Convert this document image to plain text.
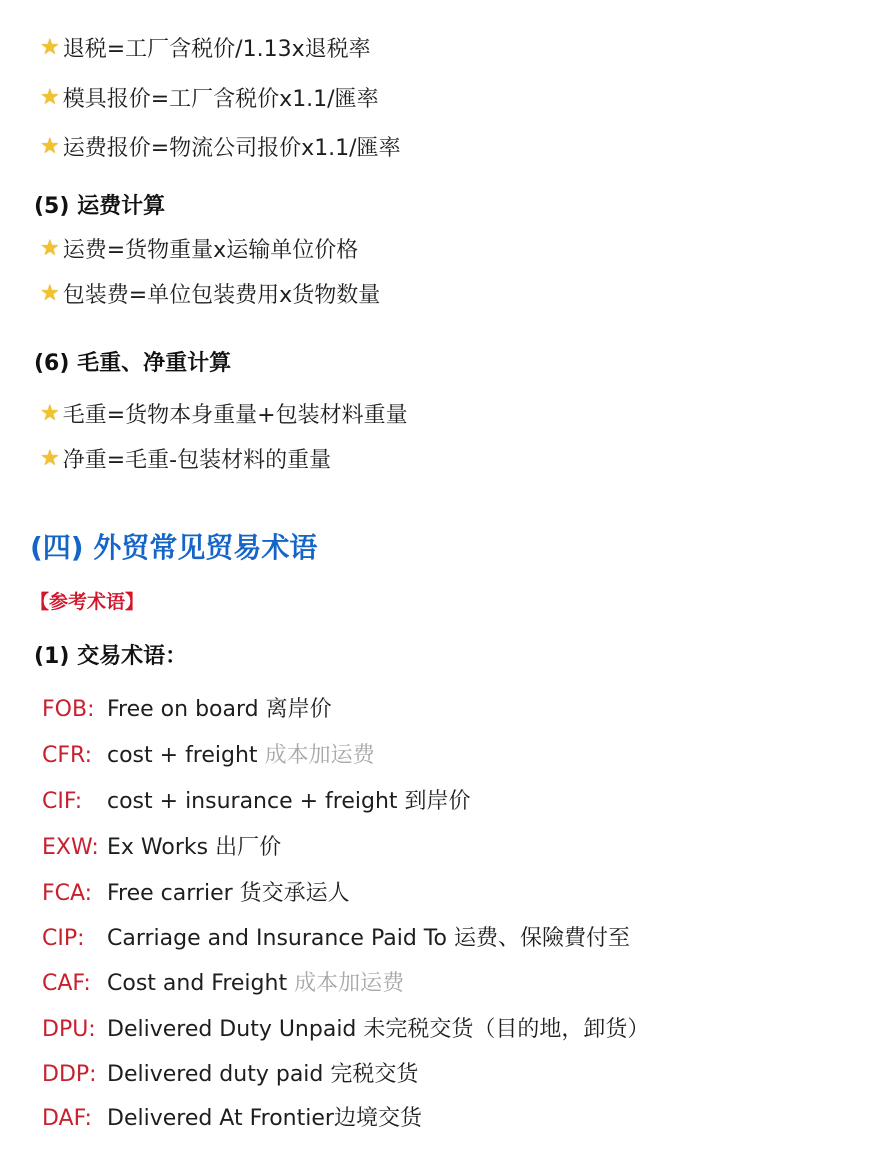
★ 退税=工厂含税价/1.13x退税率
★ 模具报价=工厂含税价x1.1/匯率
★ 运费报价=物流公司报价x1.1/匯率
(5) 运费计算
★ 运费=货物重量x运输单位价格
★ 包装费=单位包装费用x货物数量
(6) 毛重、净重计算
★ 毛重=货物本身重量+包装材料重量
★ 净重=毛重-包装材料的重量
(四) 外贸常见贸易术语
【参考术语】
(1) 交易术语：
FOB: Free on board
离岸价
CFR: cost + freight
成本加运费
CIF:	cost + insurance + freight
到岸价
EXW: Ex Works
出厂价
FCA: Free carrier
货交承运人
CIP:	Carriage and Insurance Paid To
运费、保險費付至
CAF: Cost and Freight
成本加运费
DPU: Delivered Duty Unpaid
未完税交货（目的地，卸货）
DDP: Delivered duty paid
完税交货
DAF: Delivered At Frontier 边境交货
